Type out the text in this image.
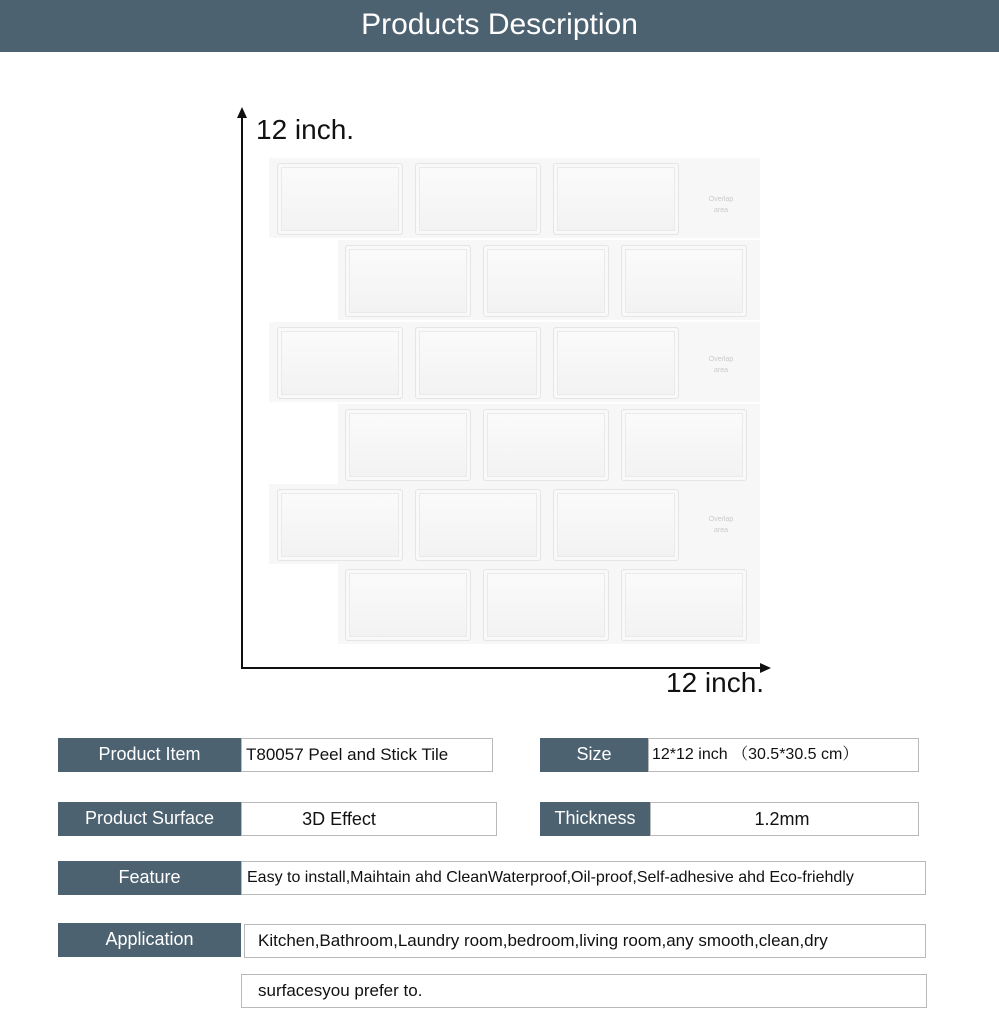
Products Description
12 inch.
12 inch.
Overlap area
Overlap area
Overlap area
Product Item	T80057 Peel and Stick Tile	Size	12*12 inch （30.5*30.5 cm）
Product Surface	3D Effect	Thickness	1.2mm
Feature	Easy to install,Maihtain ahd CleanWaterproof,Oil-proof,Self-adhesive ahd Eco-friehdly
Application	Kitchen,Bathroom,Laundry room,bedroom,living room,any smooth,clean,dry
surfacesyou prefer to.
